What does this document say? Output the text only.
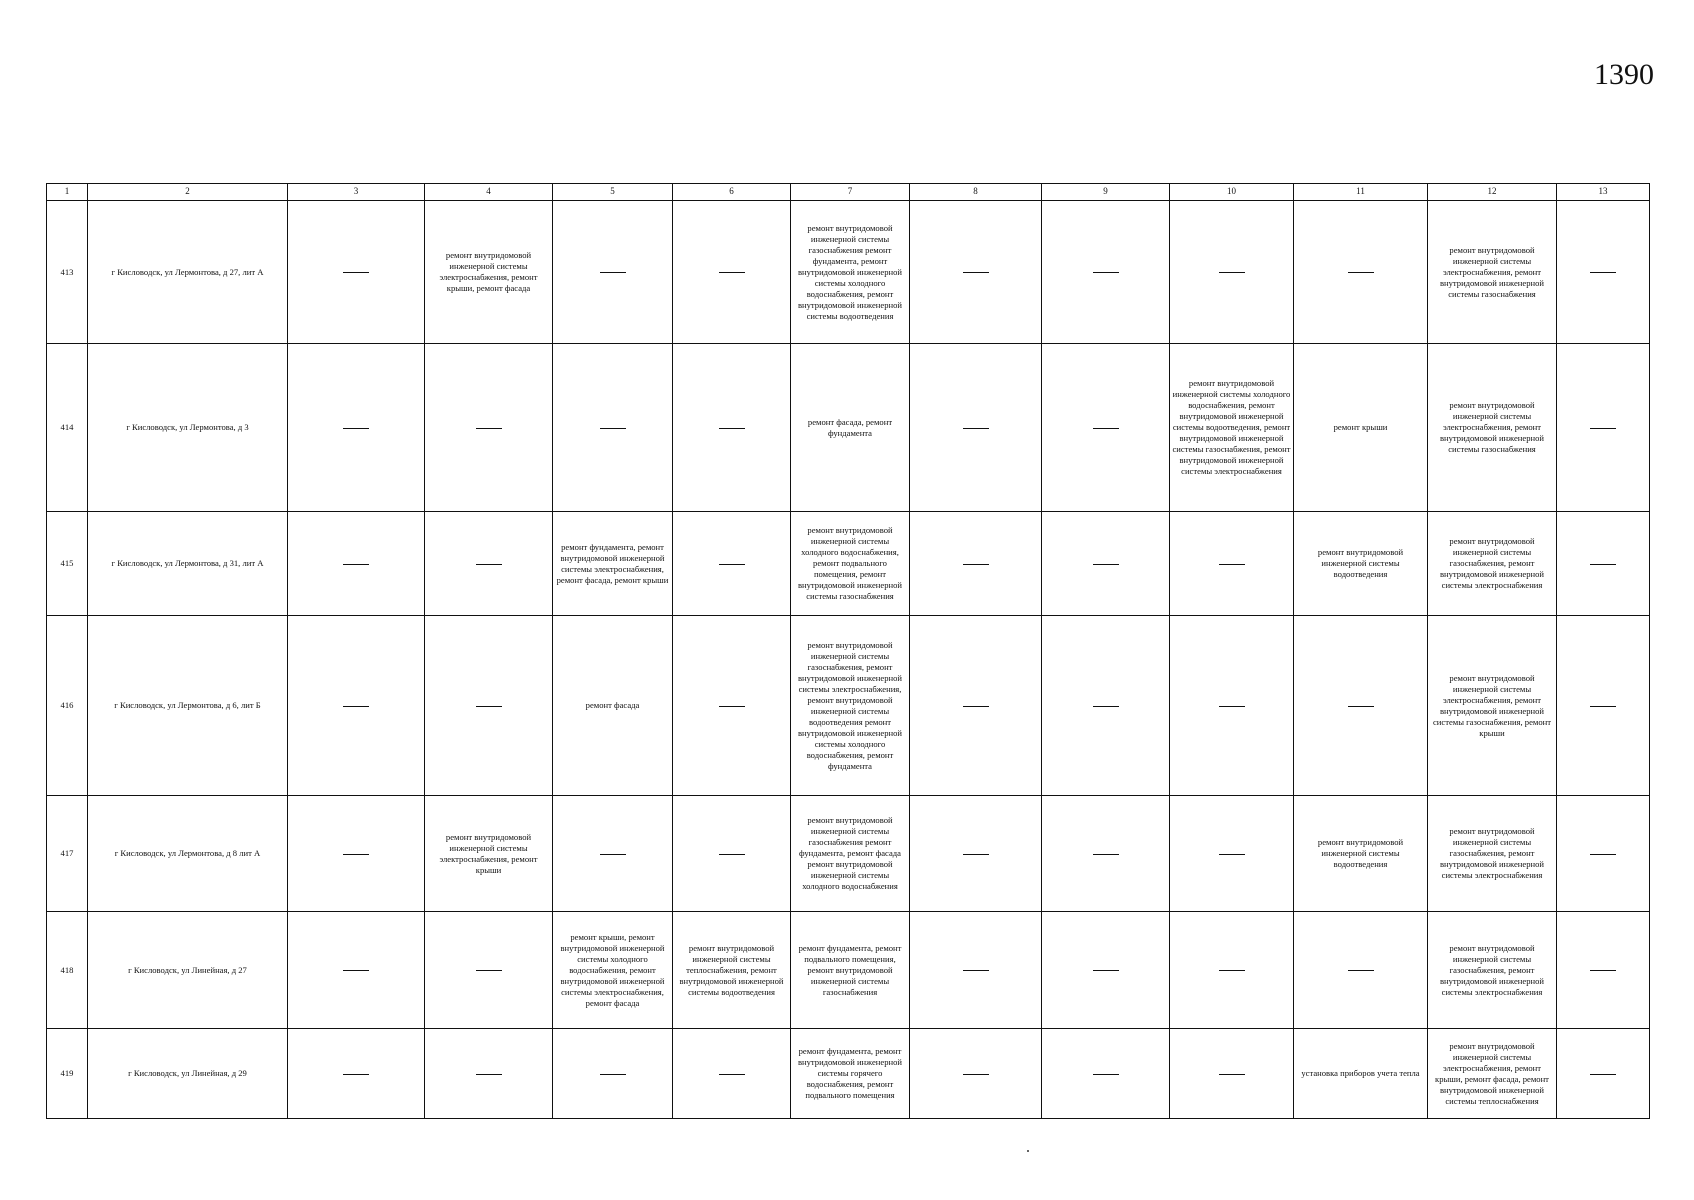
1390
1	2	3	4	5	6	7	8	9	10	11	12	13
413	г Кисловодск, ул Лермонтова, д 27, лит А		ремонт внутридомовой инженерной системы электроснабжения, ремонт крыши, ремонт фасада			ремонт внутридомовой инженерной системы газоснабжения ремонт фундамента, ремонт внутридомовой инженерной системы холодного водоснабжения, ремонт внутридомовой инженерной системы водоотведения					ремонт внутридомовой инженерной системы электроснабжения, ремонт внутридомовой инженерной системы газоснабжения	
414	г Кисловодск, ул Лермонтова, д 3					ремонт фасада, ремонт фундамента			ремонт внутридомовой инженерной системы холодного водоснабжения, ремонт внутридомовой инженерной системы водоотведения, ремонт внутридомовой инженерной системы газоснабжения, ремонт внутридомовой инженерной системы электроснабжения	ремонт крыши	ремонт внутридомовой инженерной системы электроснабжения, ремонт внутридомовой инженерной системы газоснабжения	
415	г Кисловодск, ул Лермонтова, д 31, лит А			ремонт фундамента, ремонт внутридомовой инженерной системы электроснабжения, ремонт фасада, ремонт крыши		ремонт внутридомовой инженерной системы холодного водоснабжения, ремонт подвального помещения, ремонт внутридомовой инженерной системы газоснабжения				ремонт внутридомовой инженерной системы водоотведения	ремонт внутридомовой инженерной системы газоснабжения, ремонт внутридомовой инженерной системы электроснабжения	
416	г Кисловодск, ул Лермонтова, д 6, лит Б			ремонт фасада		ремонт внутридомовой инженерной системы газоснабжения, ремонт внутридомовой инженерной системы электроснабжения, ремонт внутридомовой инженерной системы водоотведения ремонт внутридомовой инженерной системы холодного водоснабжения, ремонт фундамента					ремонт внутридомовой инженерной системы электроснабжения, ремонт внутридомовой инженерной системы газоснабжения, ремонт крыши	
417	г Кисловодск, ул Лермонтова, д 8 лит А		ремонт внутридомовой инженерной системы электроснабжения, ремонт крыши			ремонт внутридомовой инженерной системы газоснабжения ремонт фундамента, ремонт фасада ремонт внутридомовой инженерной системы холодного водоснабжения				ремонт внутридомовой инженерной системы водоотведения	ремонт внутридомовой инженерной системы газоснабжения, ремонт внутридомовой инженерной системы электроснабжения	
418	г Кисловодск, ул Линейная, д 27			ремонт крыши, ремонт внутридомовой инженерной системы холодного водоснабжения, ремонт внутридомовой инженерной системы электроснабжения, ремонт фасада	ремонт внутридомовой инженерной системы теплоснабжения, ремонт внутридомовой инженерной системы водоотведения	ремонт фундамента, ремонт подвального помещения, ремонт внутридомовой инженерной системы газоснабжения					ремонт внутридомовой инженерной системы газоснабжения, ремонт внутридомовой инженерной системы электроснабжения	
419	г Кисловодск, ул Линейная, д 29					ремонт фундамента, ремонт внутридомовой инженерной системы горячего водоснабжения, ремонт подвального помещения				установка приборов учета тепла	ремонт внутридомовой инженерной системы электроснабжения, ремонт крыши, ремонт фасада, ремонт внутридомовой инженерной системы теплоснабжения	
